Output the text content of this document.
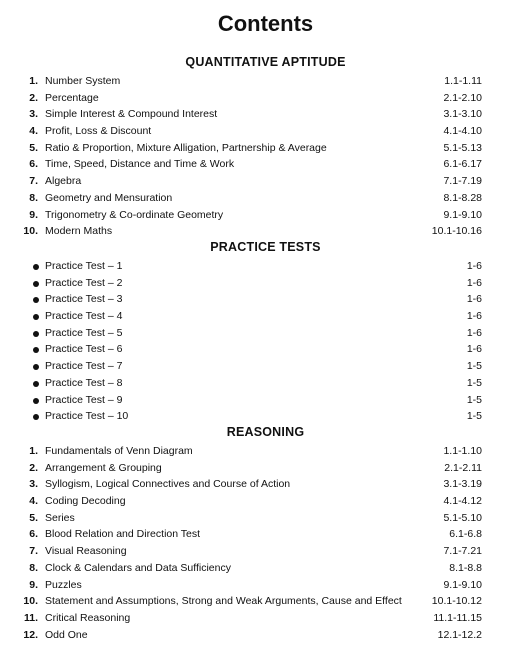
Contents
QUANTITATIVE APTITUDE
1. Number System	1.1-1.11
2. Percentage	2.1-2.10
3. Simple Interest & Compound Interest	3.1-3.10
4. Profit, Loss & Discount	4.1-4.10
5. Ratio & Proportion, Mixture Alligation, Partnership & Average	5.1-5.13
6. Time, Speed, Distance and Time & Work	6.1-6.17
7. Algebra	7.1-7.19
8. Geometry and Mensuration	8.1-8.28
9. Trigonometry & Co-ordinate Geometry	9.1-9.10
10. Modern Maths	10.1-10.16
PRACTICE TESTS
Practice Test – 1	1-6
Practice Test – 2	1-6
Practice Test – 3	1-6
Practice Test – 4	1-6
Practice Test – 5	1-6
Practice Test – 6	1-6
Practice Test – 7	1-5
Practice Test – 8	1-5
Practice Test – 9	1-5
Practice Test – 10	1-5
REASONING
1. Fundamentals of Venn Diagram	1.1-1.10
2. Arrangement & Grouping	2.1-2.11
3. Syllogism, Logical Connectives and Course of Action	3.1-3.19
4. Coding Decoding	4.1-4.12
5. Series	5.1-5.10
6. Blood Relation and Direction Test	6.1-6.8
7. Visual Reasoning	7.1-7.21
8. Clock & Calendars and Data Sufficiency	8.1-8.8
9. Puzzles	9.1-9.10
10. Statement and Assumptions, Strong and Weak Arguments, Cause and Effect	10.1-10.12
11. Critical Reasoning	11.1-11.15
12. Odd One	12.1-12.2
